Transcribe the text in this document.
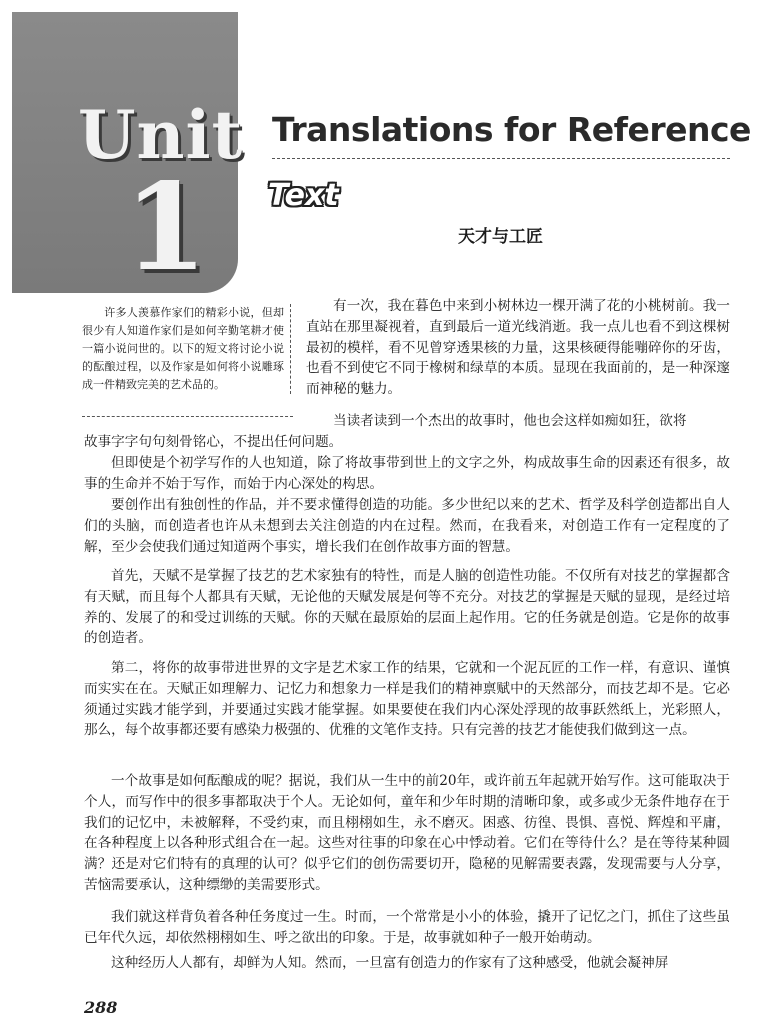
Unit
1
Translations for Reference
Text
天才与工匠
许多人羡慕作家们的精彩小说，但却很少有人知道作家们是如何辛勤笔耕才使一篇小说问世的。以下的短文将讨论小说的酝酿过程，以及作家是如何将小说雕琢成一件精致完美的艺术品的。

有一次，我在暮色中来到小树林边一棵开满了花的小桃树前。我一直站在那里凝视着，直到最后一道光线消逝。我一点儿也看不到这棵树最初的模样，看不见曾穿透果核的力量，这果核硬得能嘣碎你的牙齿，也看不到使它不同于橡树和绿草的本质。显现在我面前的，是一种深邃而神秘的魅力。

当读者读到一个杰出的故事时，他也会这样如痴如狂，欲将

故事字字句句刻骨铭心，不提出任何问题。

但即使是个初学写作的人也知道，除了将故事带到世上的文字之外，构成故事生命的因素还有很多，故事的生命并不始于写作，而始于内心深处的构思。

要创作出有独创性的作品，并不要求懂得创造的功能。多少世纪以来的艺术、哲学及科学创造都出自人们的头脑，而创造者也许从未想到去关注创造的内在过程。然而，在我看来，对创造工作有一定程度的了解，至少会使我们通过知道两个事实，增长我们在创作故事方面的智慧。

首先，天赋不是掌握了技艺的艺术家独有的特性，而是人脑的创造性功能。不仅所有对技艺的掌握都含有天赋，而且每个人都具有天赋，无论他的天赋发展是何等不充分。对技艺的掌握是天赋的显现，是经过培养的、发展了的和受过训练的天赋。你的天赋在最原始的层面上起作用。它的任务就是创造。它是你的故事的创造者。

第二，将你的故事带进世界的文字是艺术家工作的结果，它就和一个泥瓦匠的工作一样，有意识、谨慎而实实在在。天赋正如理解力、记忆力和想象力一样是我们的精神禀赋中的天然部分，而技艺却不是。它必须通过实践才能学到，并要通过实践才能掌握。如果要使在我们内心深处浮现的故事跃然纸上，光彩照人，那么，每个故事都还要有感染力极强的、优雅的文笔作支持。只有完善的技艺才能使我们做到这一点。

一个故事是如何酝酿成的呢？据说，我们从一生中的前20年，或许前五年起就开始写作。这可能取决于个人，而写作中的很多事都取决于个人。无论如何，童年和少年时期的清晰印象，或多或少无条件地存在于我们的记忆中，未被解释，不受约束，而且栩栩如生，永不磨灭。困惑、彷徨、畏惧、喜悦、辉煌和平庸，在各种程度上以各种形式组合在一起。这些对往事的印象在心中悸动着。它们在等待什么？是在等待某种圆满？还是对它们特有的真理的认可？似乎它们的创伤需要切开，隐秘的见解需要表露，发现需要与人分享，苦恼需要承认，这种缥缈的美需要形式。

我们就这样背负着各种任务度过一生。时而，一个常常是小小的体验，撬开了记忆之门，抓住了这些虽已年代久远，却依然栩栩如生、呼之欲出的印象。于是，故事就如种子一般开始萌动。

这种经历人人都有，却鲜为人知。然而，一旦富有创造力的作家有了这种感受，他就会凝神屏

288
